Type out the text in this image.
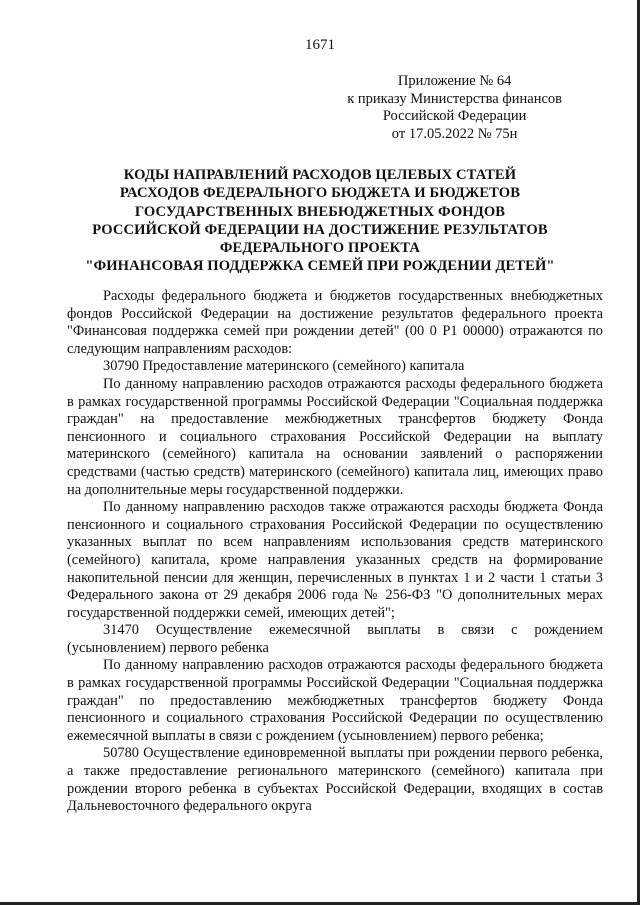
1671
Приложение № 64
к приказу Министерства финансов
Российской Федерации
от 17.05.2022 № 75н
КОДЫ НАПРАВЛЕНИЙ РАСХОДОВ ЦЕЛЕВЫХ СТАТЕЙ
РАСХОДОВ ФЕДЕРАЛЬНОГО БЮДЖЕТА И БЮДЖЕТОВ
ГОСУДАРСТВЕННЫХ ВНЕБЮДЖЕТНЫХ ФОНДОВ
РОССИЙСКОЙ ФЕДЕРАЦИИ НА ДОСТИЖЕНИЕ РЕЗУЛЬТАТОВ
ФЕДЕРАЛЬНОГО ПРОЕКТА
"ФИНАНСОВАЯ ПОДДЕРЖКА СЕМЕЙ ПРИ РОЖДЕНИИ ДЕТЕЙ"

Расходы федерального бюджета и бюджетов государственных внебюджетных фондов Российской Федерации на достижение результатов федерального проекта "Финансовая поддержка семей при рождении детей" (00 0 Р1 00000) отражаются по следующим направлениям расходов:

30790 Предоставление материнского (семейного) капитала

По данному направлению расходов отражаются расходы федерального бюджета в рамках государственной программы Российской Федерации "Социальная поддержка граждан" на предоставление межбюджетных трансфертов бюджету Фонда пенсионного и социального страхования Российской Федерации на выплату материнского (семейного) капитала на основании заявлений о распоряжении средствами (частью средств) материнского (семейного) капитала лиц, имеющих право на дополнительные меры государственной поддержки.

По данному направлению расходов также отражаются расходы бюджета Фонда пенсионного и социального страхования Российской Федерации по осуществлению указанных выплат по всем направлениям использования средств материнского (семейного) капитала, кроме направления указанных средств на формирование накопительной пенсии для женщин, перечисленных в пунктах 1 и 2 части 1 статьи 3 Федерального закона от 29 декабря 2006 года № 256-ФЗ "О дополнительных мерах государственной поддержки семей, имеющих детей";

31470 Осуществление ежемесячной выплаты в связи с рождением (усыновлением) первого ребенка

По данному направлению расходов отражаются расходы федерального бюджета в рамках государственной программы Российской Федерации "Социальная поддержка граждан" по предоставлению межбюджетных трансфертов бюджету Фонда пенсионного и социального страхования Российской Федерации по осуществлению ежемесячной выплаты в связи с рождением (усыновлением) первого ребенка;

50780 Осуществление единовременной выплаты при рождении первого ребенка, а также предоставление регионального материнского (семейного) капитала при рождении второго ребенка в субъектах Российской Федерации, входящих в состав Дальневосточного федерального округа
